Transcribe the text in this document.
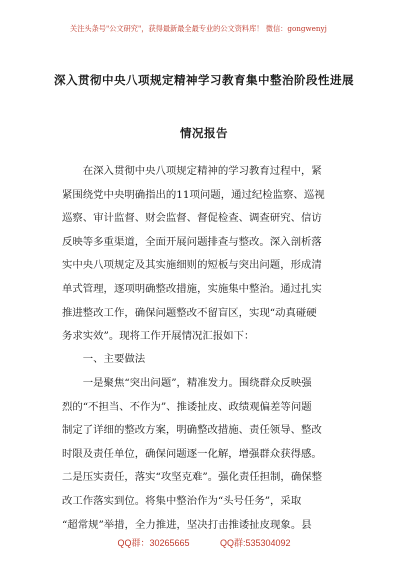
关注头条号"公文研究"，获得最新最全最专业的公文资料库！ 微信：gongwenyj
深入贯彻中央八项规定精神学习教育集中整治阶段性进展
情况报告
　　在深入贯彻中央八项规定精神的学习教育过程中，紧
紧围绕党中央明确指出的11项问题，通过纪检监察、巡视
巡察、审计监督、财会监督、督促检查、调查研究、信访
反映等多重渠道，全面开展问题排查与整改。深入剖析落
实中央八项规定及其实施细则的短板与突出问题，形成清
单式管理，逐项明确整改措施，实施集中整治。通过扎实
推进整改工作，确保问题整改不留盲区，实现“动真碰硬
务求实效”。现将工作开展情况汇报如下：
　　一、主要做法
　　一是聚焦“突出问题”，精准发力。围绕群众反映强
烈的“不担当、不作为”、推诿扯皮、政绩观偏差等问题
制定了详细的整改方案，明确整改措施、责任领导、整改
时限及责任单位，确保问题逐一化解，增强群众获得感。
二是压实责任，落实“攻坚克难”。强化责任担制，确保整
改工作落实到位。将集中整治作为“头号任务”，采取
“超常规”举措，全力推进，坚决打击推诿扯皮现象。县
QQ群：30265665	QQ群:535304092
